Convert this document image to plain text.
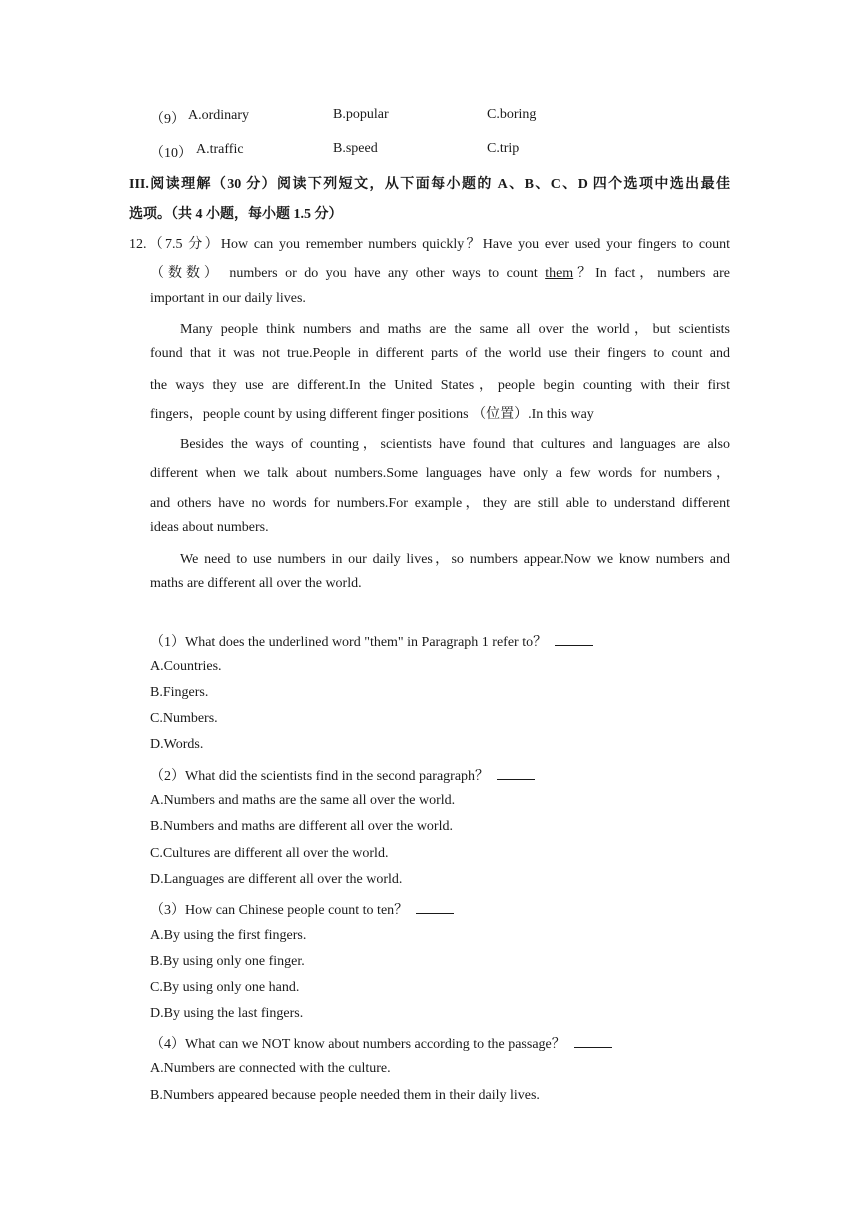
（9） A.ordinary	B.popular	C.boring
（10） A.traffic	B.speed	C.trip
III.阅读理解（30 分）阅读下列短文，从下面每小题的 A、B、C、D 四个选项中选出最佳
选项。（共 4 小题，每小题 1.5 分）
12.（7.5 分）How can you remember numbers quickly？Have you ever used your fingers to count
（数数） numbers or do you have any other ways to count them？In fact，numbers are
important in our daily lives.
Many people think numbers and maths are the same all over the world，but scientists
found that it was not true.People in different parts of the world use their fingers to count and
the ways they use are different.In the United States，people begin counting with their first
fingers，people count by using different finger positions （位置）.In this way
Besides the ways of counting，scientists have found that cultures and languages are also
different when we talk about numbers.Some languages have only a few words for numbers，
and others have no words for numbers.For example，they are still able to understand different
ideas about numbers.
We need to use numbers in our daily lives，so numbers appear.Now we know numbers and
maths are different all over the world.
（1）What does the underlined word "them" in Paragraph 1 refer to？
A.Countries.
B.Fingers.
C.Numbers.
D.Words.
（2）What did the scientists find in the second paragraph？
A.Numbers and maths are the same all over the world.
B.Numbers and maths are different all over the world.
C.Cultures are different all over the world.
D.Languages are different all over the world.
（3）How can Chinese people count to ten？
A.By using the first fingers.
B.By using only one finger.
C.By using only one hand.
D.By using the last fingers.
（4）What can we NOT know about numbers according to the passage？
A.Numbers are connected with the culture.
B.Numbers appeared because people needed them in their daily lives.
